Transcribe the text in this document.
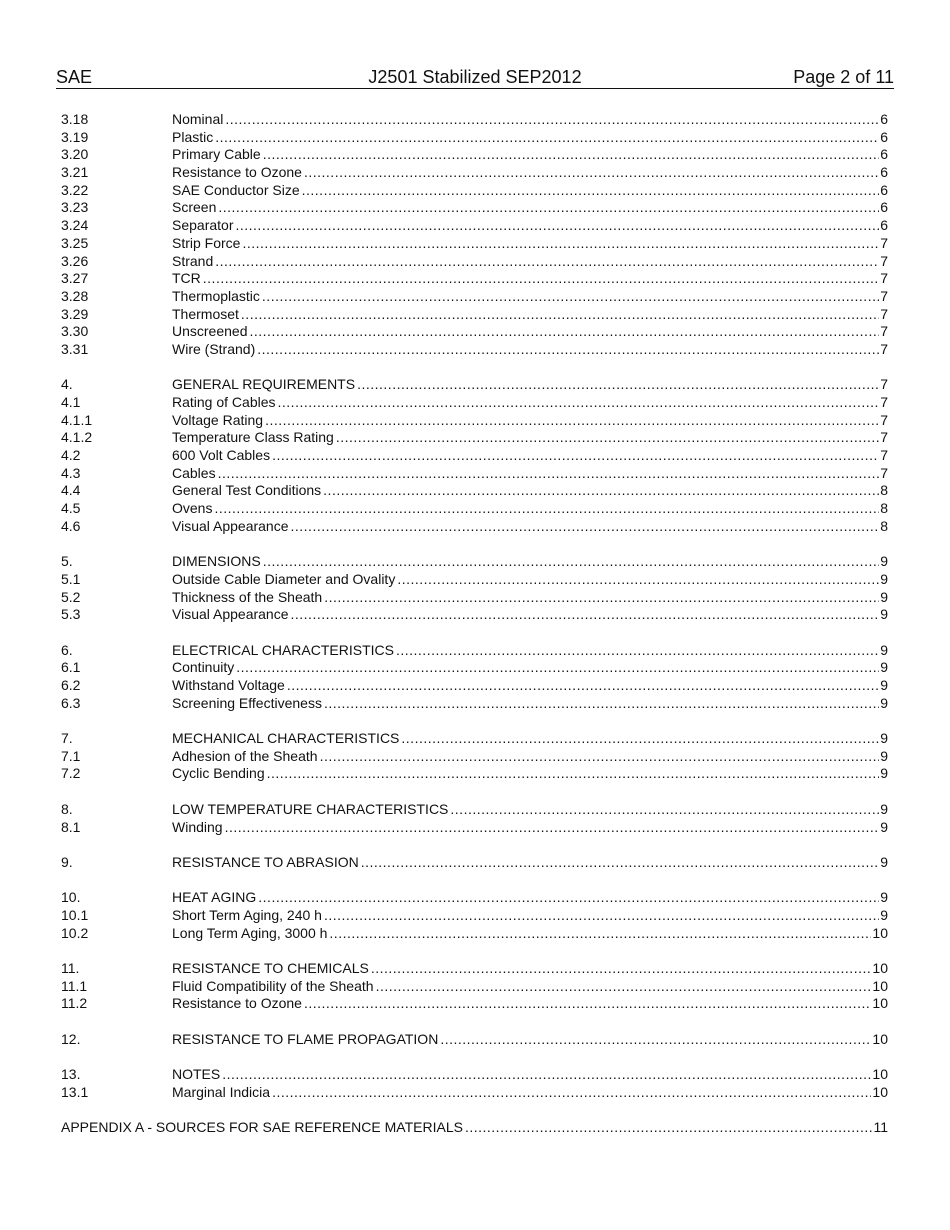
SAE	J2501 Stabilized SEP2012	Page 2 of 11
3.18	Nominal .....	6
3.19	Plastic .....	6
3.20	Primary Cable .....	6
3.21	Resistance to Ozone .....	6
3.22	SAE Conductor Size .....	6
3.23	Screen .....	6
3.24	Separator .....	6
3.25	Strip Force .....	7
3.26	Strand .....	7
3.27	TCR .....	7
3.28	Thermoplastic .....	7
3.29	Thermoset .....	7
3.30	Unscreened .....	7
3.31	Wire (Strand) .....	7
4.	GENERAL REQUIREMENTS .....	7
4.1	Rating of Cables .....	7
4.1.1	Voltage Rating .....	7
4.1.2	Temperature Class Rating .....	7
4.2	600 Volt Cables .....	7
4.3	Cables .....	7
4.4	General Test Conditions .....	8
4.5	Ovens .....	8
4.6	Visual Appearance .....	8
5.	DIMENSIONS .....	9
5.1	Outside Cable Diameter and Ovality .....	9
5.2	Thickness of the Sheath .....	9
5.3	Visual Appearance .....	9
6.	ELECTRICAL CHARACTERISTICS .....	9
6.1	Continuity .....	9
6.2	Withstand Voltage .....	9
6.3	Screening Effectiveness .....	9
7.	MECHANICAL CHARACTERISTICS .....	9
7.1	Adhesion of the Sheath .....	9
7.2	Cyclic Bending .....	9
8.	LOW TEMPERATURE CHARACTERISTICS .....	9
8.1	Winding .....	9
9.	RESISTANCE TO ABRASION .....	9
10.	HEAT AGING .....	9
10.1	Short Term Aging, 240 h .....	9
10.2	Long Term Aging, 3000 h .....	10
11.	RESISTANCE TO CHEMICALS .....	10
11.1	Fluid Compatibility of the Sheath .....	10
11.2	Resistance to Ozone .....	10
12.	RESISTANCE TO FLAME PROPAGATION .....	10
13.	NOTES .....	10
13.1	Marginal Indicia .....	10
APPENDIX A - SOURCES FOR SAE REFERENCE MATERIALS .....	11
